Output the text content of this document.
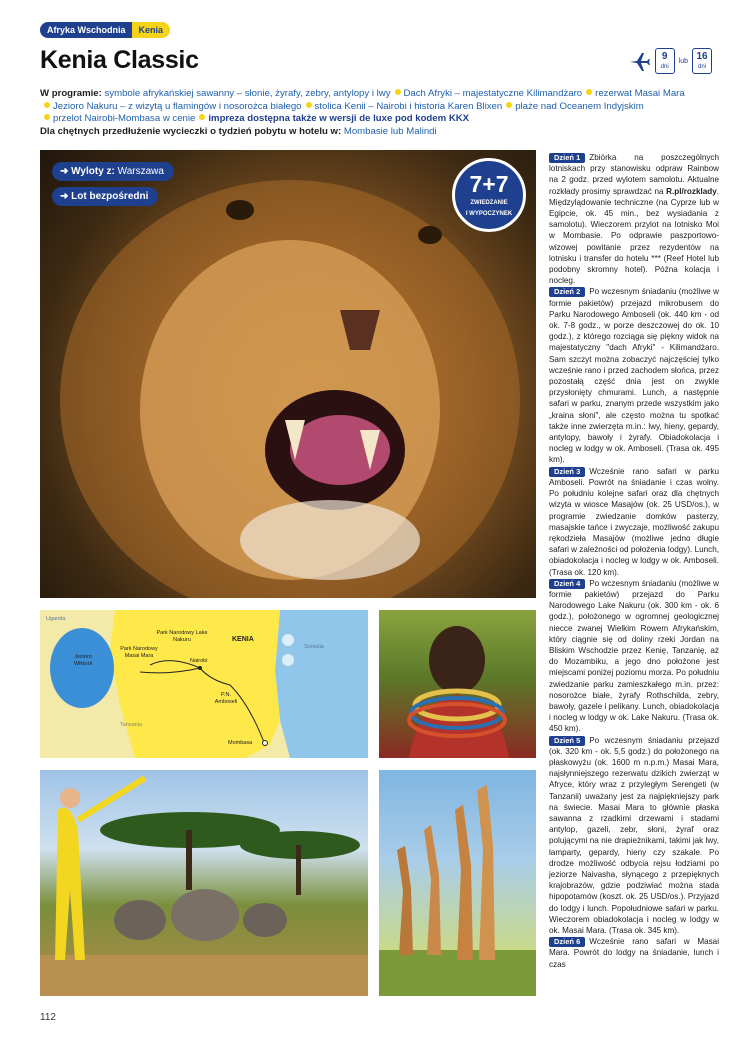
Afryka Wschodnia	Kenia
Kenia Classic	9
dni
lub 16
dni
W programie: symbole afrykańskiej sawanny – słonie, żyrafy, zebry, antylopy i lwy Dach Afryki – majestatyczne Kilimandżaro rezerwat Masai Mara
Jezioro Nakuru – z wizytą u flamingów i nosorożca białego stolica Kenii – Nairobi i historia Karen Blixen plaże nad Oceanem Indyjskim
przelot Nairobi-Mombasa w cenie impreza dostępna także w wersji de luxe pod kodem KKX
Dla chętnych przedłużenie wycieczki o tydzień pobytu w hotelu w: Mombasie lub Malindi
➜ Wyloty z: Warszawa
➜ Lot bezpośredni	7+7
ZWIEDZANIE
I WYPOCZYNEK
Jezioro Wiktorii
Uganda
Somalia
Tanzania
KENIA
Park Narodowy Lake Nakuru
Park Narodowy Masai Mara
Nairobi
P.N. Amboseli
Mombasa

Dzień 1 Zbiórka na poszczególnych lotniskach przy stanowisku odpraw Rainbow na 2 godz. przed wylotem samolotu. Aktualne rozkłady prosimy sprawdzać na R.pl/rozklady. Międzylądowanie techniczne (na Cyprze lub w Egipcie, ok. 45 min., bez wysiadania z samolotu). Wieczorem przylot na lotnisko Moi w Mombasie. Po odprawie paszportowo-wizowej powitanie przez rezydentów na lotnisku i transfer do hotelu *** (Reef Hotel lub podobny skromny hotel). Późna kolacja i nocleg.

Dzień 2 Po wczesnym śniadaniu (możliwe w formie pakietów) przejazd mikrobusem do Parku Narodowego Amboseli (ok. 440 km - od ok. 7-8 godz., w porze deszczowej do ok. 10 godz.), z którego rozciąga się piękny widok na majestatyczny "dach Afryki" - Kilimandżaro. Sam szczyt można zobaczyć najczęściej tylko wcześnie rano i przed zachodem słońca, przez pozostałą część dnia jest on zwykle przysłonięty chmurami. Lunch, a następnie safari w parku, znanym przede wszystkim jako „kraina słoni", ale często można tu spotkać także inne zwierzęta m.in.: lwy, hieny, gepardy, antylopy, bawoły i żyrafy. Obiadokolacja i nocleg w lodgy w ok. Amboseli. (Trasa ok. 495 km).

Dzień 3 Wcześnie rano safari w parku Amboseli. Powrót na śniadanie i czas wolny. Po południu kolejne safari oraz dla chętnych wizyta w wiosce Masajów (ok. 25 USD/os.), w programie zwiedzanie domków pasterzy, masajskie tańce i zwyczaje, możliwość zakupu rękodzieła Masajów (możliwe jedno długie safari w zależności od położenia lodgy). Lunch, obiadokolacja i nocleg w lodgy w ok. Amboseli. (Trasa ok. 120 km).

Dzień 4 Po wczesnym śniadaniu (możliwe w formie pakietów) przejazd do Parku Narodowego Lake Nakuru (ok. 300 km - ok. 6 godz.), położonego w ogromnej geologicznej niecce zwanej Wielkim Rowem Afrykańskim, który ciągnie się od doliny rzeki Jordan na Bliskim Wschodzie przez Kenię, Tanzanię, aż do Mozambiku, a jego dno położone jest miejscami poniżej poziomu morza. Po południu zwiedzanie parku zamieszkałego m.in. przez: nosorożce białe, żyrafy Rothschilda, zebry, bawoły, gazele i pelikany. Lunch, obiadokolacja i nocleg w lodgy w ok. Lake Nakuru. (Trasa ok. 450 km).

Dzień 5 Po wczesnym śniadaniu przejazd (ok. 320 km - ok. 5,5 godz.) do położonego na płaskowyżu (ok. 1600 m n.p.m.) Masai Mara, najsłynniejszego rezerwatu dzikich zwierząt w Afryce, który wraz z przyległym Serengeti (w Tanzanii) uważany jest za najpiękniejszy park na świecie. Masai Mara to głównie płaska sawanna z rzadkimi drzewami i stadami antylop, gazeli, zebr, słoni, żyraf oraz polującymi na nie drapieżnikami, takimi jak lwy, lamparty, gepardy, hieny czy szakale. Po drodze możliwość odbycia rejsu łodziami po jeziorze Naivasha, słynącego z przepięknych krajobrazów, gdzie podziwiać można stada hipopotamów (koszt. ok. 25 USD/os.). Przyjazd do lodgy i lunch. Popołudniowe safari w parku. Wieczorem obiadokolacja i nocleg w lodgy w ok. Masai Mara. (Trasa ok. 345 km).

Dzień 6 Wcześnie rano safari w Masai Mara. Powrót do lodgy na śniadanie, lunch i czas

112
